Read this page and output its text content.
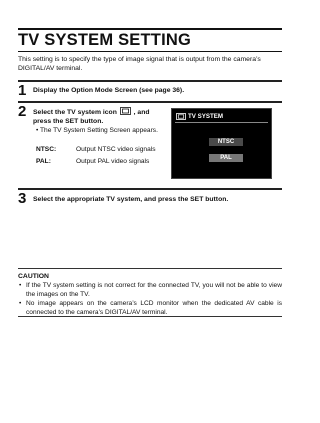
TV SYSTEM SETTING
This setting is to specify the type of image signal that is output from the camera’s DIGITAL/AV terminal.
1 Display the Option Mode Screen (see page 36).
2 Select the TV system icon , and press the SET button.
• The TV System Setting Screen appears.
NTSC:	Output NTSC video signals
PAL:	Output PAL video signals
TV SYSTEM
NTSC
PAL
3 Select the appropriate TV system, and press the SET button.
CAUTION
• If the TV system setting is not correct for the connected TV, you will not be able to view the images on the TV.
• No image appears on the camera’s LCD monitor when the dedicated AV cable is connected to the camera’s DIGITAL/AV terminal.
